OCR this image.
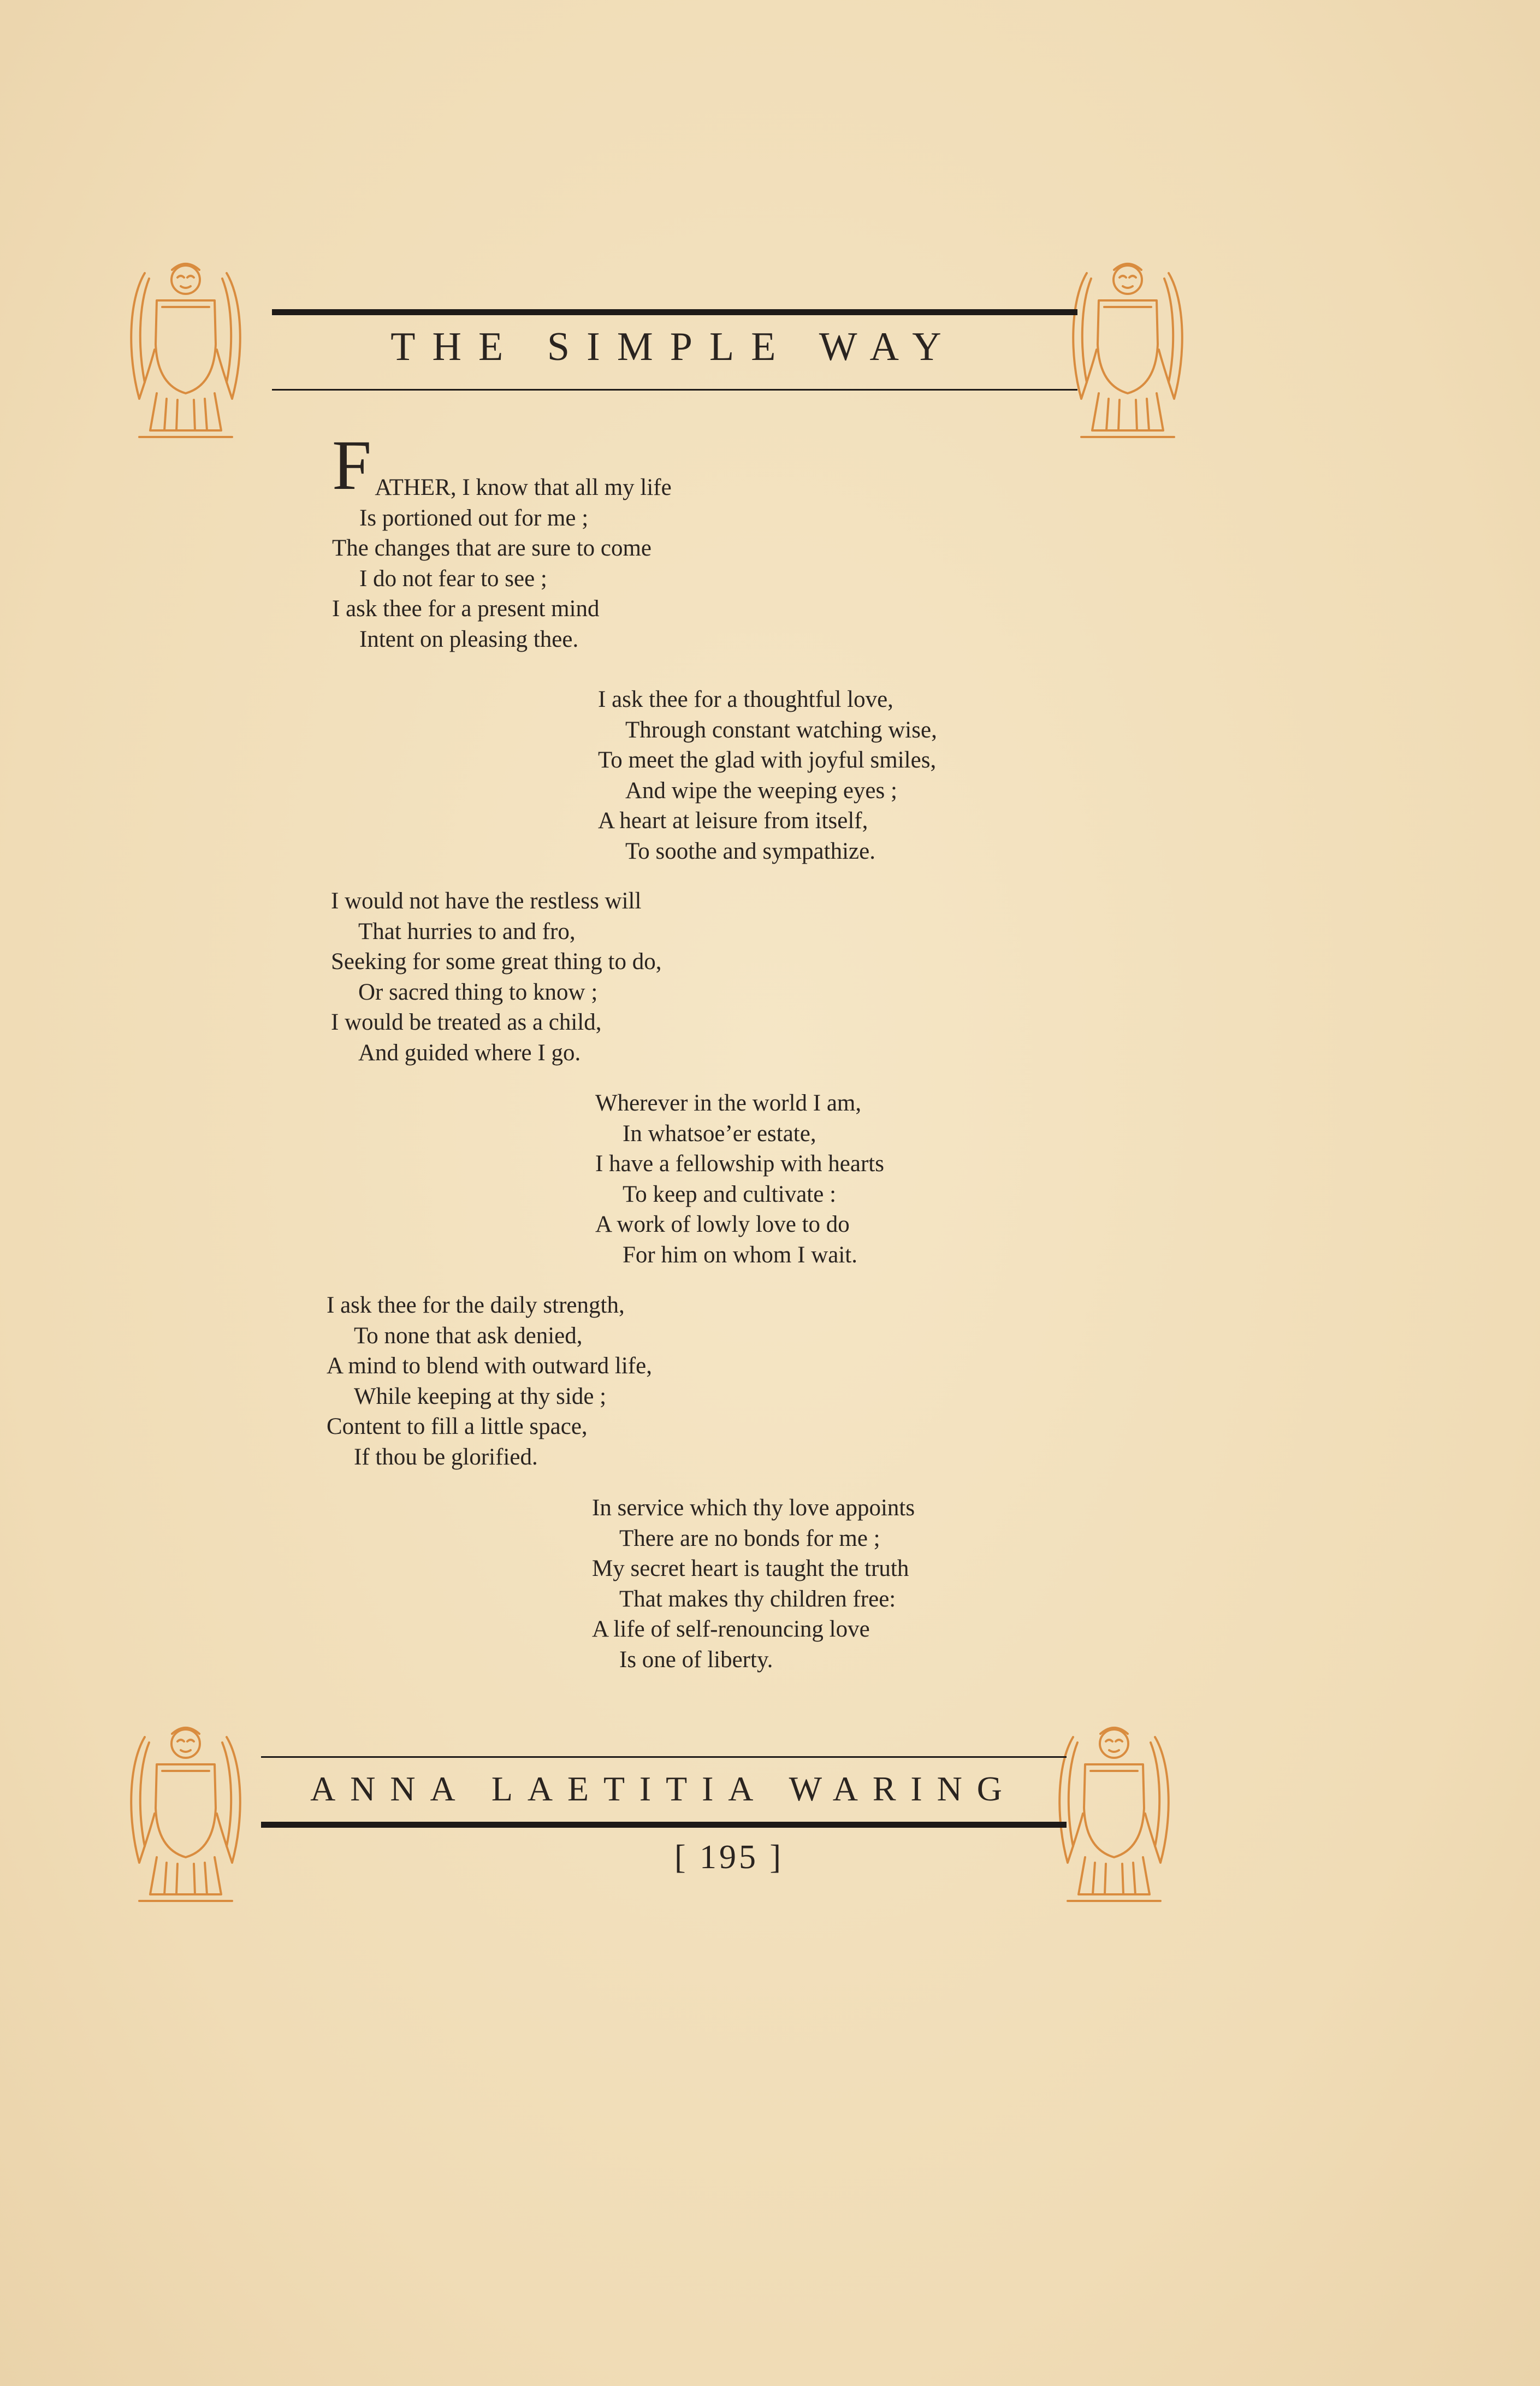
THE SIMPLE WAY
F ATHER, I know that all my life
Is portioned out for me ;
The changes that are sure to come
I do not fear to see ;
I ask thee for a present mind
Intent on pleasing thee.
I ask thee for a thoughtful love,
Through constant watching wise,
To meet the glad with joyful smiles,
And wipe the weeping eyes ;
A heart at leisure from itself,
To soothe and sympathize.
I would not have the restless will
That hurries to and fro,
Seeking for some great thing to do,
Or sacred thing to know ;
I would be treated as a child,
And guided where I go.
Wherever in the world I am,
In whatsoe’er estate,
I have a fellowship with hearts
To keep and cultivate :
A work of lowly love to do
For him on whom I wait.
I ask thee for the daily strength,
To none that ask denied,
A mind to blend with outward life,
While keeping at thy side ;
Content to fill a little space,
If thou be glorified.
In service which thy love appoints
There are no bonds for me ;
My secret heart is taught the truth
That makes thy children free:
A life of self-renouncing love
Is one of liberty.
ANNA LAETITIA WARING
[ 195 ]
